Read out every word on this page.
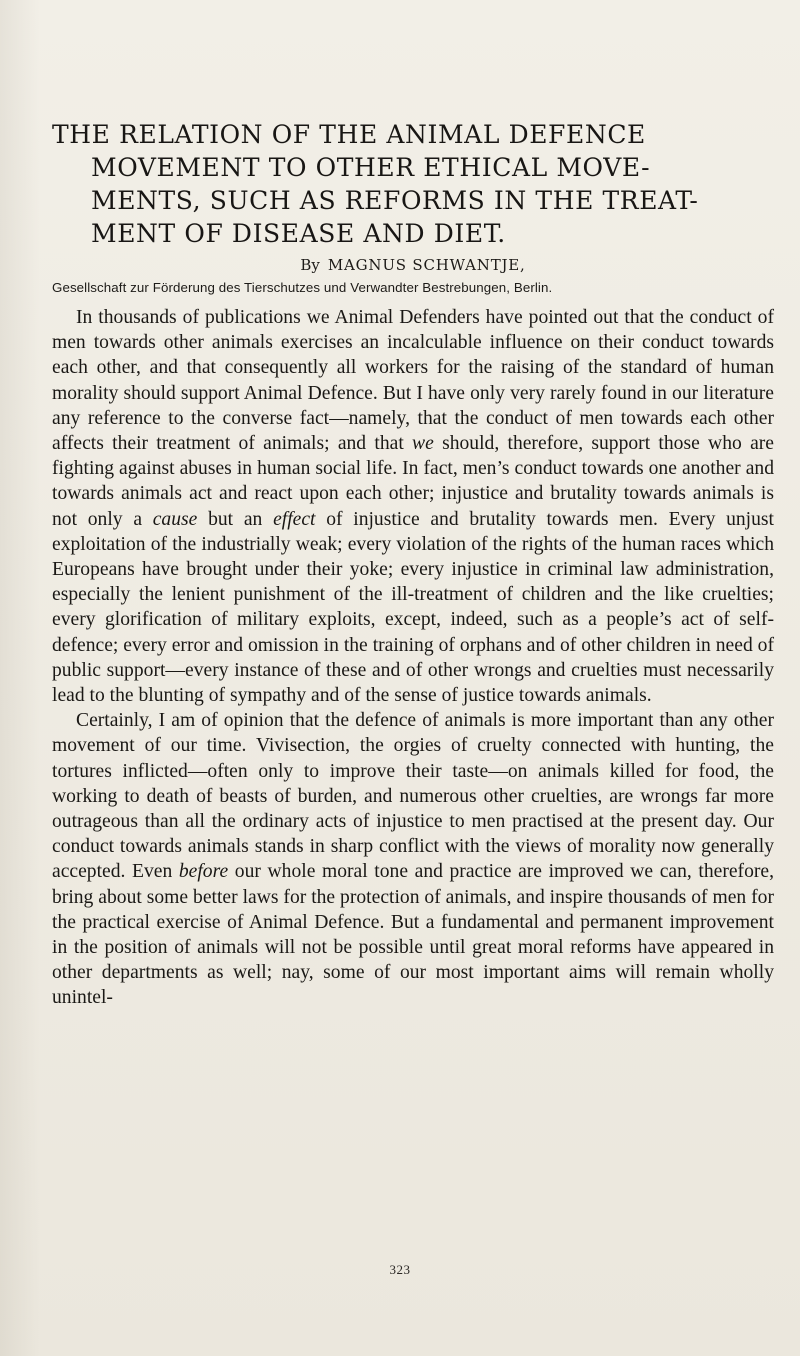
THE RELATION OF THE ANIMAL DEFENCE
MOVEMENT TO OTHER ETHICAL MOVE-
MENTS, SUCH AS REFORMS IN THE TREAT-
MENT OF DISEASE AND DIET.
By MAGNUS SCHWANTJE,
Gesellschaft zur Förderung des Tierschutzes und Verwandter Bestrebungen, Berlin.

In thousands of publications we Animal Defenders have pointed out that the conduct of men towards other animals exercises an incalculable influence on their conduct towards each other, and that consequently all workers for the raising of the standard of human morality should support Animal Defence. But I have only very rarely found in our literature any reference to the converse fact—namely, that the conduct of men towards each other affects their treatment of animals; and that we should, therefore, support those who are fighting against abuses in human social life. In fact, men’s conduct towards one another and towards animals act and react upon each other; injustice and brutality towards animals is not only a cause but an effect of injustice and brutality towards men. Every unjust exploitation of the industrially weak; every violation of the rights of the human races which Europeans have brought under their yoke; every injustice in criminal law administration, especially the lenient punishment of the ill-treatment of children and the like cruelties; every glorification of military exploits, except, indeed, such as a people’s act of self-defence; every error and omission in the training of orphans and of other children in need of public support—every instance of these and of other wrongs and cruelties must necessarily lead to the blunting of sympathy and of the sense of justice towards animals.

Certainly, I am of opinion that the defence of animals is more important than any other movement of our time. Vivisection, the orgies of cruelty connected with hunting, the tortures inflicted—often only to improve their taste—on animals killed for food, the working to death of beasts of burden, and numerous other cruelties, are wrongs far more outrageous than all the ordinary acts of injustice to men practised at the present day. Our conduct towards animals stands in sharp conflict with the views of morality now generally accepted. Even before our whole moral tone and practice are improved we can, therefore, bring about some better laws for the protection of animals, and inspire thousands of men for the practical exercise of Animal Defence. But a fundamental and permanent improvement in the position of animals will not be possible until great moral reforms have appeared in other departments as well; nay, some of our most important aims will remain wholly unintel-

323
